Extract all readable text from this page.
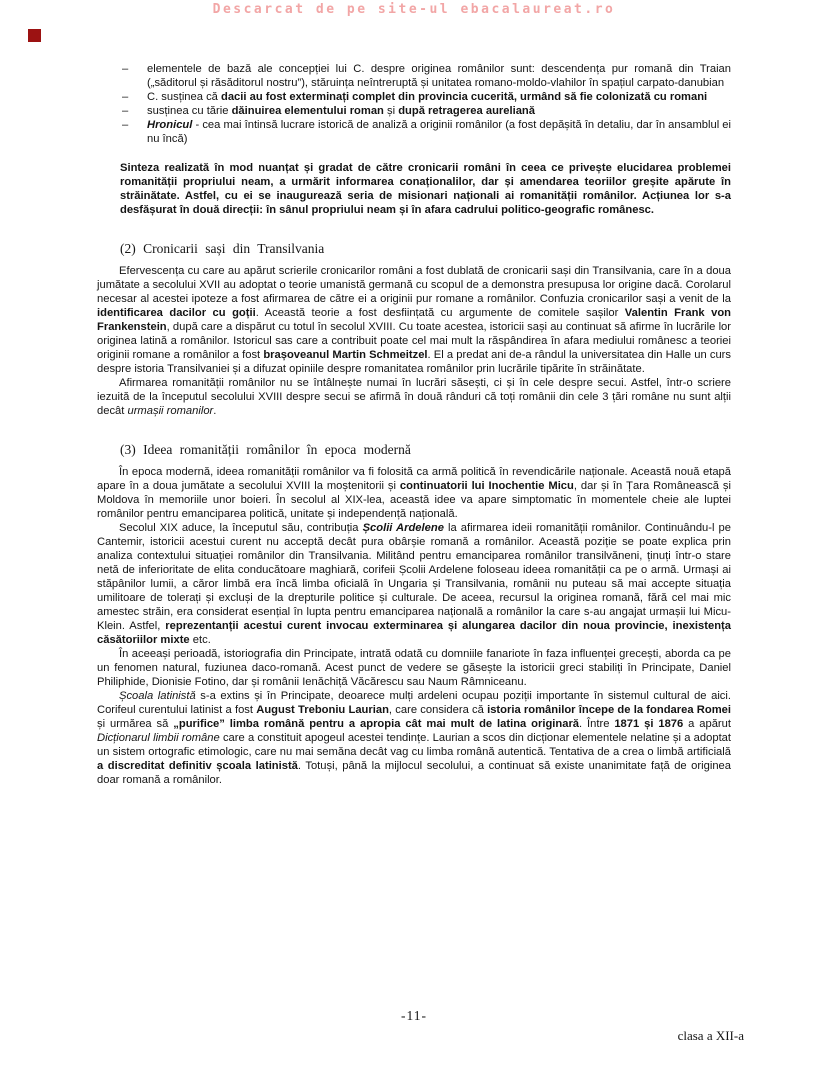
Descarcat de pe site-ul ebacalaureat.ro
– elementele de bază ale concepției lui C. despre originea românilor sunt: descendența pur romană din Traian („săditorul și răsăditorul nostru”), stăruința neîntreruptă și unitatea romano-moldo-vlahilor în spațiul carpato-danubian
– C. susținea că dacii au fost exterminați complet din provincia cucerită, urmând să fie colonizată cu romani
– susținea cu tărie dăinuirea elementului roman și după retragerea aureliană
– Hronicul - cea mai întinsă lucrare istorică de analiză a originii românilor (a fost depășită în detaliu, dar în ansamblul ei nu încă)

Sinteza realizată în mod nuanțat și gradat de către cronicarii români în ceea ce privește elucidarea problemei romanității propriului neam, a urmărit informarea conaționalilor, dar și amendarea teoriilor greșite apărute în străinătate. Astfel, cu ei se inaugurează seria de misionari naționali ai romanității românilor. Acțiunea lor s-a desfășurat în două direcții: în sânul propriului neam și în afara cadrului politico-geografic românesc.

(2) Cronicarii sași din Transilvania

Efervescența cu care au apărut scrierile cronicarilor români a fost dublată de cronicarii sași din Transilvania, care în a doua jumătate a secolului XVII au adoptat o teorie umanistă germană cu scopul de a demonstra presupusa lor origine dacă. Corolarul necesar al acestei ipoteze a fost afirmarea de către ei a originii pur romane a românilor. Confuzia cronicarilor sași a venit de la identificarea dacilor cu goții. Această teorie a fost desființată cu argumente de comitele sașilor Valentin Frank von Frankenstein, după care a dispărut cu totul în secolul XVIII. Cu toate acestea, istoricii sași au continuat să afirme în lucrările lor originea latină a românilor. Istoricul sas care a contribuit poate cel mai mult la răspândirea în afara mediului românesc a teoriei originii romane a românilor a fost brașoveanul Martin Schmeitzel. El a predat ani de-a rândul la universitatea din Halle un curs despre istoria Transilvaniei și a difuzat opiniile despre romanitatea românilor prin lucrările tipărite în străinătate.

Afirmarea romanității românilor nu se întâlnește numai în lucrări săsești, ci și în cele despre secui. Astfel, într-o scriere iezuită de la începutul secolului XVIII despre secui se afirmă în două rânduri că toți românii din cele 3 țări române nu sunt alții decât urmașii romanilor.

(3) Ideea romanității românilor în epoca modernă

În epoca modernă, ideea romanității românilor va fi folosită ca armă politică în revendicările naționale. Această nouă etapă apare în a doua jumătate a secolului XVIII la moștenitorii și continuatorii lui Inochentie Micu, dar și în Țara Românească și Moldova în memoriile unor boieri. În secolul al XIX-lea, această idee va apare simptomatic în momentele cheie ale luptei românilor pentru emanciparea politică, unitate și independență națională.

Secolul XIX aduce, la începutul său, contribuția Școlii Ardelene la afirmarea ideii romanității românilor. Continuându-l pe Cantemir, istoricii acestui curent nu acceptă decât pura obârșie romană a românilor. Această poziție se poate explica prin analiza contextului situației românilor din Transilvania. Militând pentru emanciparea românilor transilvăneni, ținuți într-o stare netă de inferioritate de elita conducătoare maghiară, corifeii Școlii Ardelene foloseau ideea romanității ca pe o armă. Urmași ai stăpânilor lumii, a căror limbă era încă limba oficială în Ungaria și Transilvania, românii nu puteau să mai accepte situația umilitoare de tolerați și excluși de la drepturile politice și culturale. De aceea, recursul la originea romană, fără cel mai mic amestec străin, era considerat esențial în lupta pentru emanciparea națională a românilor la care s-au angajat urmașii lui Micu-Klein. Astfel, reprezentanții acestui curent invocau exterminarea și alungarea dacilor din noua provincie, inexistența căsătoriilor mixte etc.

În aceeași perioadă, istoriografia din Principate, intrată odată cu domniile fanariote în faza influenței grecești, aborda ca pe un fenomen natural, fuziunea daco-romană. Acest punct de vedere se găsește la istoricii greci stabiliți în Principate, Daniel Philiphide, Dionisie Fotino, dar și românii Ienăchiță Văcărescu sau Naum Râmniceanu.

Școala latinistă s-a extins și în Principate, deoarece mulți ardeleni ocupau poziții importante în sistemul cultural de aici. Corifeul curentului latinist a fost August Treboniu Laurian, care considera că istoria românilor începe de la fondarea Romei și urmărea să „purifice” limba română pentru a apropia cât mai mult de latina originară. Între 1871 și 1876 a apărut Dicționarul limbii române care a constituit apogeul acestei tendințe. Laurian a scos din dicționar elementele nelatine și a adoptat un sistem ortografic etimologic, care nu mai semăna decât vag cu limba română autentică. Tentativa de a crea o limbă artificială a discreditat definitiv școala latinistă. Totuși, până la mijlocul secolului, a continuat să existe unanimitate față de originea doar romană a românilor.

-11-
clasa a XII-a
